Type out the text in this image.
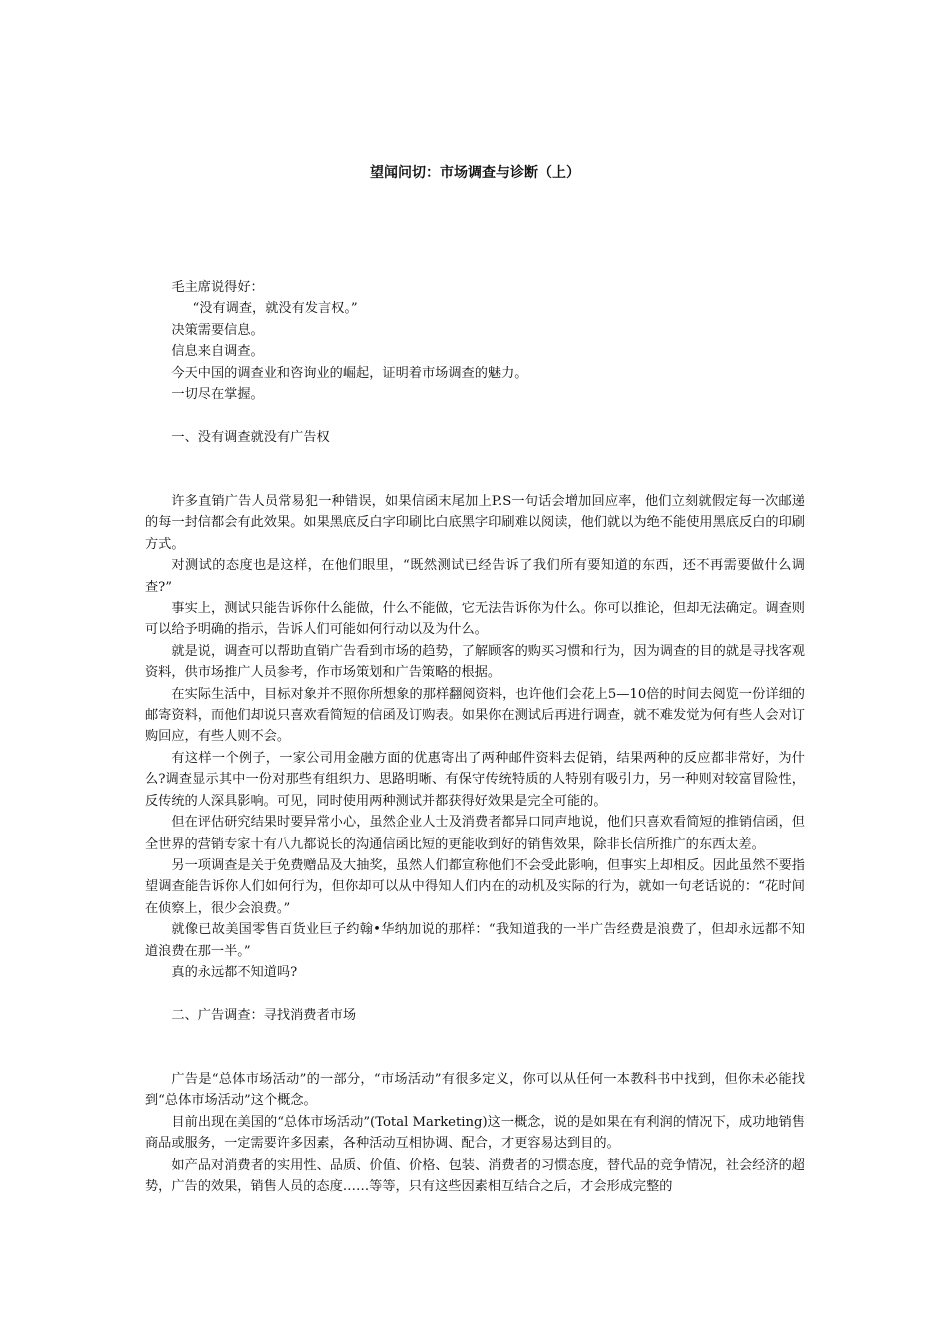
望闻问切：市场调查与诊断（上）

毛主席说得好：

“没有调查，就没有发言权。”

决策需要信息。

信息来自调查。

今天中国的调查业和咨询业的崛起，证明着市场调查的魅力。

一切尽在掌握。

一、没有调查就没有广告权

许多直销广告人员常易犯一种错误，如果信函末尾加上P.S一句话会增加回应率，他们立刻就假定每一次邮递的每一封信都会有此效果。如果黑底反白字印刷比白底黑字印刷难以阅读，他们就以为绝不能使用黑底反白的印刷方式。

对测试的态度也是这样，在他们眼里，“既然测试已经告诉了我们所有要知道的东西，还不再需要做什么调查?”

事实上，测试只能告诉你什么能做，什么不能做，它无法告诉你为什么。你可以推论，但却无法确定。调查则可以给予明确的指示，告诉人们可能如何行动以及为什么。

就是说，调查可以帮助直销广告看到市场的趋势，了解顾客的购买习惯和行为，因为调查的目的就是寻找客观资料，供市场推广人员参考，作市场策划和广告策略的根据。

在实际生活中，目标对象并不照你所想象的那样翻阅资料，也许他们会花上5—10倍的时间去阅览一份详细的邮寄资料，而他们却说只喜欢看简短的信函及订购表。如果你在测试后再进行调查，就不难发觉为何有些人会对订购回应，有些人则不会。

有这样一个例子，一家公司用金融方面的优惠寄出了两种邮件资料去促销，结果两种的反应都非常好，为什么?调查显示其中一份对那些有组织力、思路明晰、有保守传统特质的人特别有吸引力，另一种则对较富冒险性，反传统的人深具影响。可见，同时使用两种测试并都获得好效果是完全可能的。

但在评估研究结果时要异常小心，虽然企业人士及消费者都异口同声地说，他们只喜欢看简短的推销信函，但全世界的营销专家十有八九都说长的沟通信函比短的更能收到好的销售效果，除非长信所推广的东西太差。

另一项调查是关于免费赠品及大抽奖，虽然人们都宣称他们不会受此影响，但事实上却相反。因此虽然不要指望调查能告诉你人们如何行为，但你却可以从中得知人们内在的动机及实际的行为，就如一句老话说的：“花时间在侦察上，很少会浪费。”

就像已故美国零售百货业巨子约翰•华纳加说的那样：“我知道我的一半广告经费是浪费了，但却永远都不知道浪费在那一半。”

真的永远都不知道吗?

二、广告调查：寻找消费者市场

广告是“总体市场活动”的一部分，“市场活动”有很多定义，你可以从任何一本教科书中找到，但你未必能找到“总体市场活动”这个概念。

目前出现在美国的“总体市场活动”(Total Marketing)这一概念，说的是如果在有利润的情况下，成功地销售商品或服务，一定需要许多因素，各种活动互相协调、配合，才更容易达到目的。

如产品对消费者的实用性、品质、价值、价格、包装、消费者的习惯态度，替代品的竞争情况，社会经济的超势，广告的效果，销售人员的态度……等等，只有这些因素相互结合之后，才会形成完整的
